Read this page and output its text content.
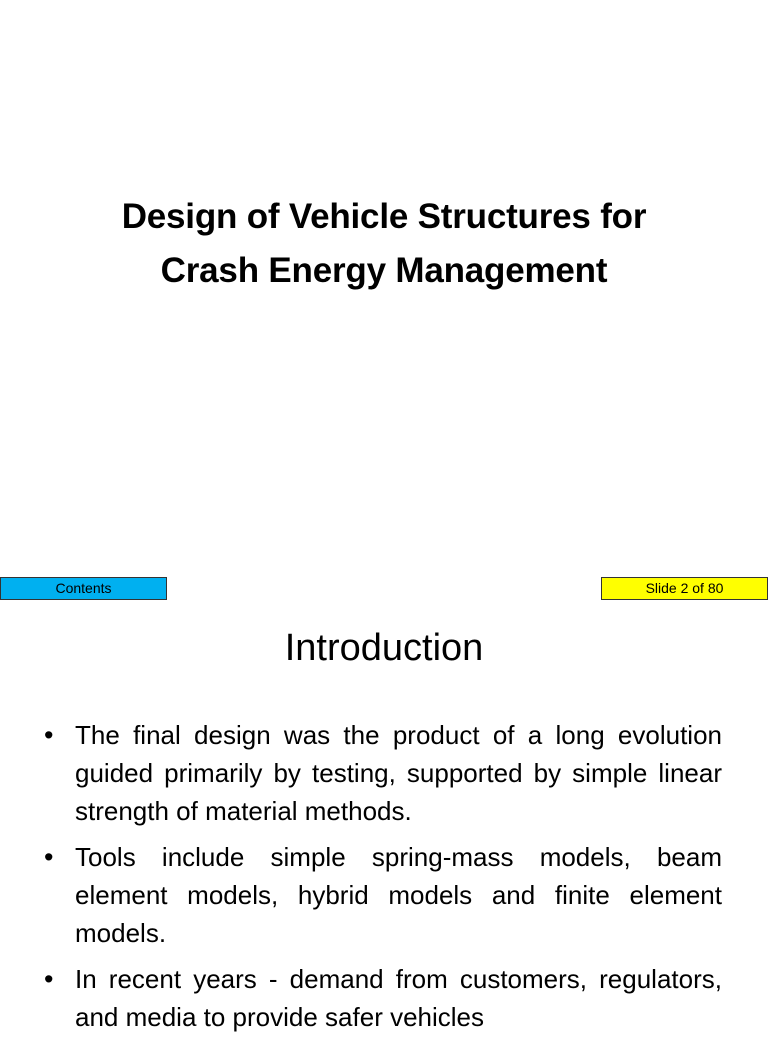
Design of Vehicle Structures for
Crash Energy Management
Contents	Slide 2 of 80
Introduction
• The final design was the product of a long evolution guided primarily by testing, supported by simple linear strength of material methods.
• Tools include simple spring-mass models, beam element models, hybrid models and finite element models.
• In recent years - demand from customers, regulators, and media to provide safer vehicles
